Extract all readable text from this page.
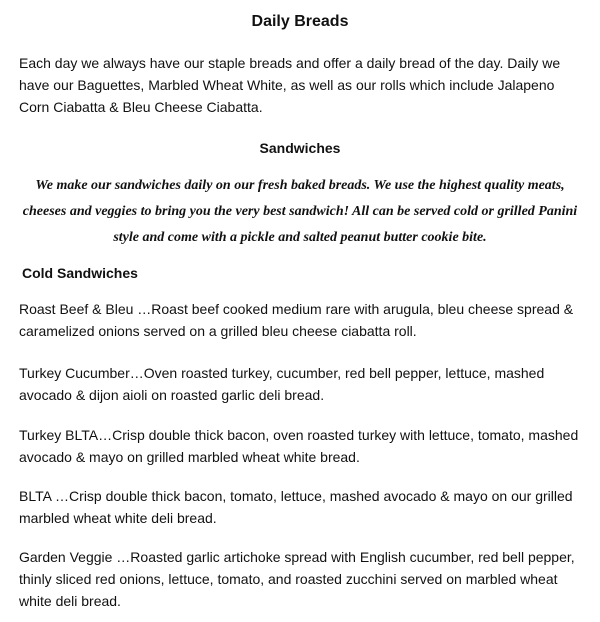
Daily Breads
Each day we always have our staple breads and offer a daily bread of the day. Daily we have our Baguettes, Marbled Wheat White, as well as our rolls which include Jalapeno Corn Ciabatta & Bleu Cheese Ciabatta.
Sandwiches
We make our sandwiches daily on our fresh baked breads. We use the highest quality meats, cheeses and veggies to bring you the very best sandwich! All can be served cold or grilled Panini style and come with a pickle and salted peanut butter cookie bite.
Cold Sandwiches
Roast Beef & Bleu …Roast beef cooked medium rare with arugula, bleu cheese spread & caramelized onions served on a grilled bleu cheese ciabatta roll.
Turkey Cucumber…Oven roasted turkey, cucumber, red bell pepper, lettuce, mashed avocado & dijon aioli on roasted garlic deli bread.
Turkey BLTA…Crisp double thick bacon, oven roasted turkey with lettuce, tomato, mashed avocado & mayo on grilled marbled wheat white bread.
BLTA …Crisp double thick bacon, tomato, lettuce, mashed avocado & mayo on our grilled marbled wheat white deli bread.
Garden Veggie …Roasted garlic artichoke spread with English cucumber, red bell pepper, thinly sliced red onions, lettuce, tomato, and roasted zucchini served on marbled wheat white deli bread.
